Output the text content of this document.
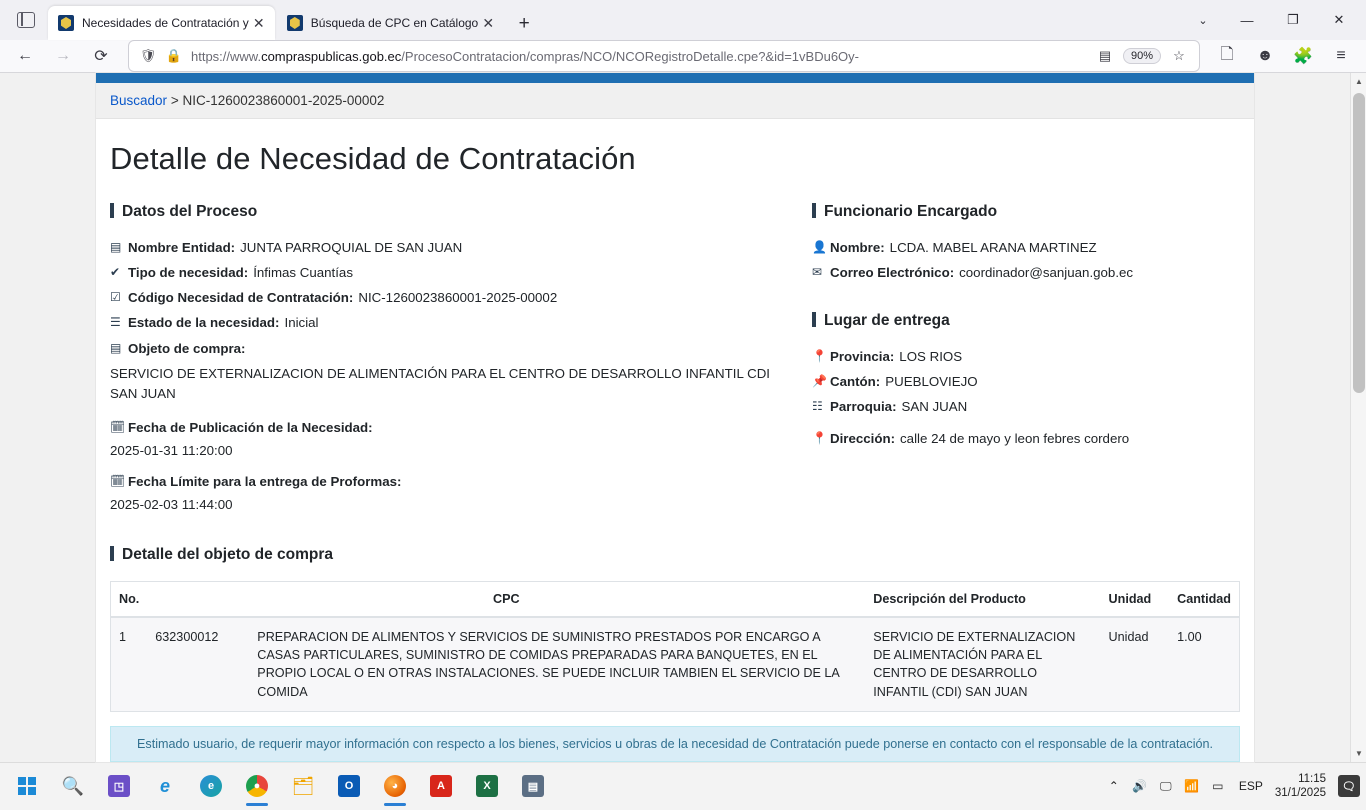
Necesidades de Contratación y ✕	Búsqueda de CPC en Catálogo ✕	+	⌄	—	❐	✕
←	→	⟳	🛡 🔒 https://www.compraspublicas.gob.ec/ProcesoContratacion/compras/NCO/NCORegistroDetalle.cpe?&id=1vBDu6Oy-	▤	90%	☆	🗋	☻	🧩	≡
Buscador > NIC-1260023860001-2025-00002
Detalle de Necesidad de Contratación
Datos del Proceso
▤ Nombre Entidad: JUNTA PARROQUIAL DE SAN JUAN
✔ Tipo de necesidad: Ínfimas Cuantías
☑ Código Necesidad de Contratación: NIC-1260023860001-2025-00002
☰ Estado de la necesidad: Inicial
▤ Objeto de compra:
SERVICIO DE EXTERNALIZACION DE ALIMENTACIÓN PARA EL CENTRO DE DESARROLLO INFANTIL CDI SAN JUAN
🗓 Fecha de Publicación de la Necesidad:
2025-01-31 11:20:00
🗓 Fecha Límite para la entrega de Proformas:
2025-02-03 11:44:00
Funcionario Encargado
👤 Nombre: LCDA. MABEL ARANA MARTINEZ
✉ Correo Electrónico: coordinador@sanjuan.gob.ec
Lugar de entrega
📍 Provincia: LOS RIOS
📌 Cantón: PUEBLOVIEJO
☷ Parroquia: SAN JUAN
📍 Dirección: calle 24 de mayo y leon febres cordero
Detalle del objeto de compra
No.	CPC	Descripción del Producto	Unidad	Cantidad
1	632300012 PREPARACION DE ALIMENTOS Y SERVICIOS DE SUMINISTRO PRESTADOS POR ENCARGO A CASAS PARTICULARES, SUMINISTRO DE COMIDAS PREPARADAS PARA BANQUETES, EN EL PROPIO LOCAL O EN OTRAS INSTALACIONES. SE PUEDE INCLUIR TAMBIEN EL SERVICIO DE LA COMIDA	SERVICIO DE EXTERNALIZACION DE ALIMENTACIÓN PARA EL CENTRO DE DESARROLLO INFANTIL (CDI) SAN JUAN	Unidad	1.00
Estimado usuario, de requerir mayor información con respecto a los bienes, servicios u obras de la necesidad de Contratación puede ponerse en contacto con el responsable de la contratación.
▲
▼
🔍	◳	e	e	●	🗂	O	◕	A	X	▤	⌃	🔊	🖵	📶	▭	ESP
11:15
31/1/2025
🗨
